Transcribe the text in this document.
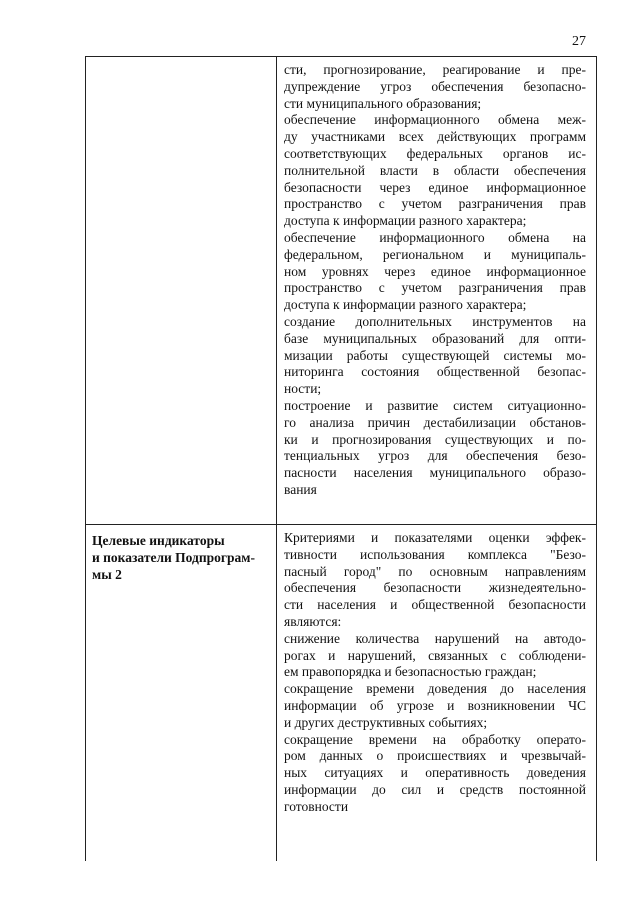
27
сти, прогнозирование, реагирование и пре-
дупреждение угроз обеспечения безопасно-
сти муниципального образования;
обеспечение информационного обмена меж-
ду участниками всех действующих программ
соответствующих федеральных органов ис-
полнительной власти в области обеспечения
безопасности через единое информационное
пространство с учетом разграничения прав
доступа к информации разного характера;
обеспечение информационного обмена на
федеральном, региональном и муниципаль-
ном уровнях через единое информационное
пространство с учетом разграничения прав
доступа к информации разного характера;
создание дополнительных инструментов на
базе муниципальных образований для опти-
мизации работы существующей системы мо-
ниторинга состояния общественной безопас-
ности;
построение и развитие систем ситуационно-
го анализа причин дестабилизации обстанов-
ки и прогнозирования существующих и по-
тенциальных угроз для обеспечения безо-
пасности населения муниципального образо-
вания
Целевые индикаторы
и показатели Подпрограм-
мы 2
Критериями и показателями оценки эффек-
тивности использования комплекса "Безо-
пасный город" по основным направлениям
обеспечения безопасности жизнедеятельно-
сти населения и общественной безопасности
являются:
снижение количества нарушений на автодо-
рогах и нарушений, связанных с соблюдени-
ем правопорядка и безопасностью граждан;
сокращение времени доведения до населения
информации об угрозе и возникновении ЧС
и других деструктивных событиях;
сокращение времени на обработку операто-
ром данных о происшествиях и чрезвычай-
ных ситуациях и оперативность доведения
информации до сил и средств постоянной
готовности
